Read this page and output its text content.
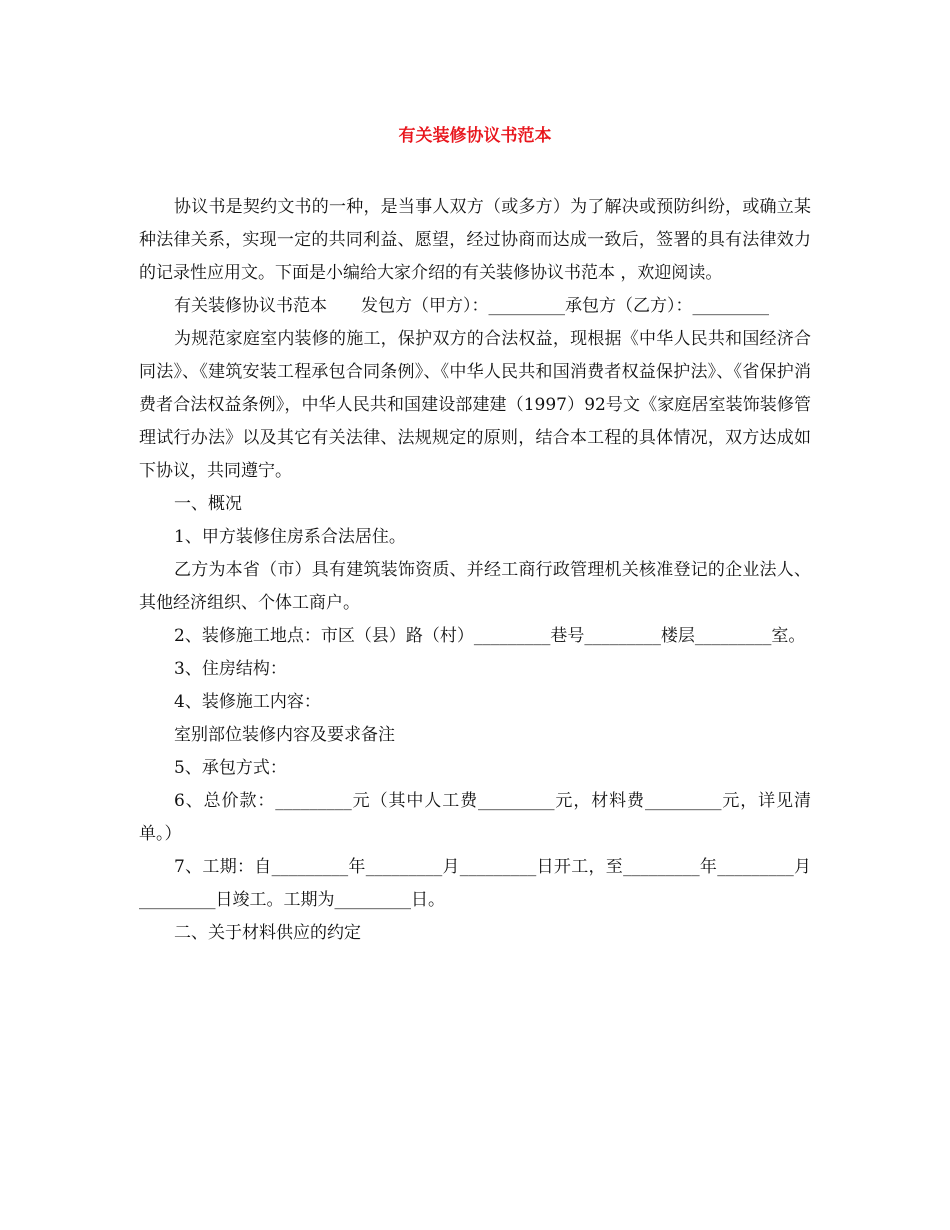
有关装修协议书范本

协议书是契约文书的一种，是当事人双方（或多方）为了解决或预防纠纷，或确立某种法律关系，实现一定的共同利益、愿望，经过协商而达成一致后，签署的具有法律效力的记录性应用文。下面是小编给大家介绍的有关装修协议书范本 ，欢迎阅读。

有关装修协议书范本　　发包方（甲方）：_________承包方（乙方）：_________

为规范家庭室内装修的施工，保护双方的合法权益，现根据《中华人民共和国经济合同法》、《建筑安装工程承包合同条例》、《中华人民共和国消费者权益保护法》、《省保护消费者合法权益条例》，中华人民共和国建设部建建（1997）92号文《家庭居室装饰装修管理试行办法》以及其它有关法律、法规规定的原则，结合本工程的具体情况，双方达成如下协议，共同遵宁。

一、概况

1、甲方装修住房系合法居住。

乙方为本省（市）具有建筑装饰资质、并经工商行政管理机关核准登记的企业法人、其他经济组织、个体工商户。

2、装修施工地点：市区（县）路（村）_________巷号_________楼层_________室。

3、住房结构：

4、装修施工内容：

室别部位装修内容及要求备注

5、承包方式：

6、总价款：_________元（其中人工费_________元，材料费_________元，详见清单。）

7、工期：自_________年_________月_________日开工，至_________年_________月_________日竣工。工期为_________日。

二、关于材料供应的约定
